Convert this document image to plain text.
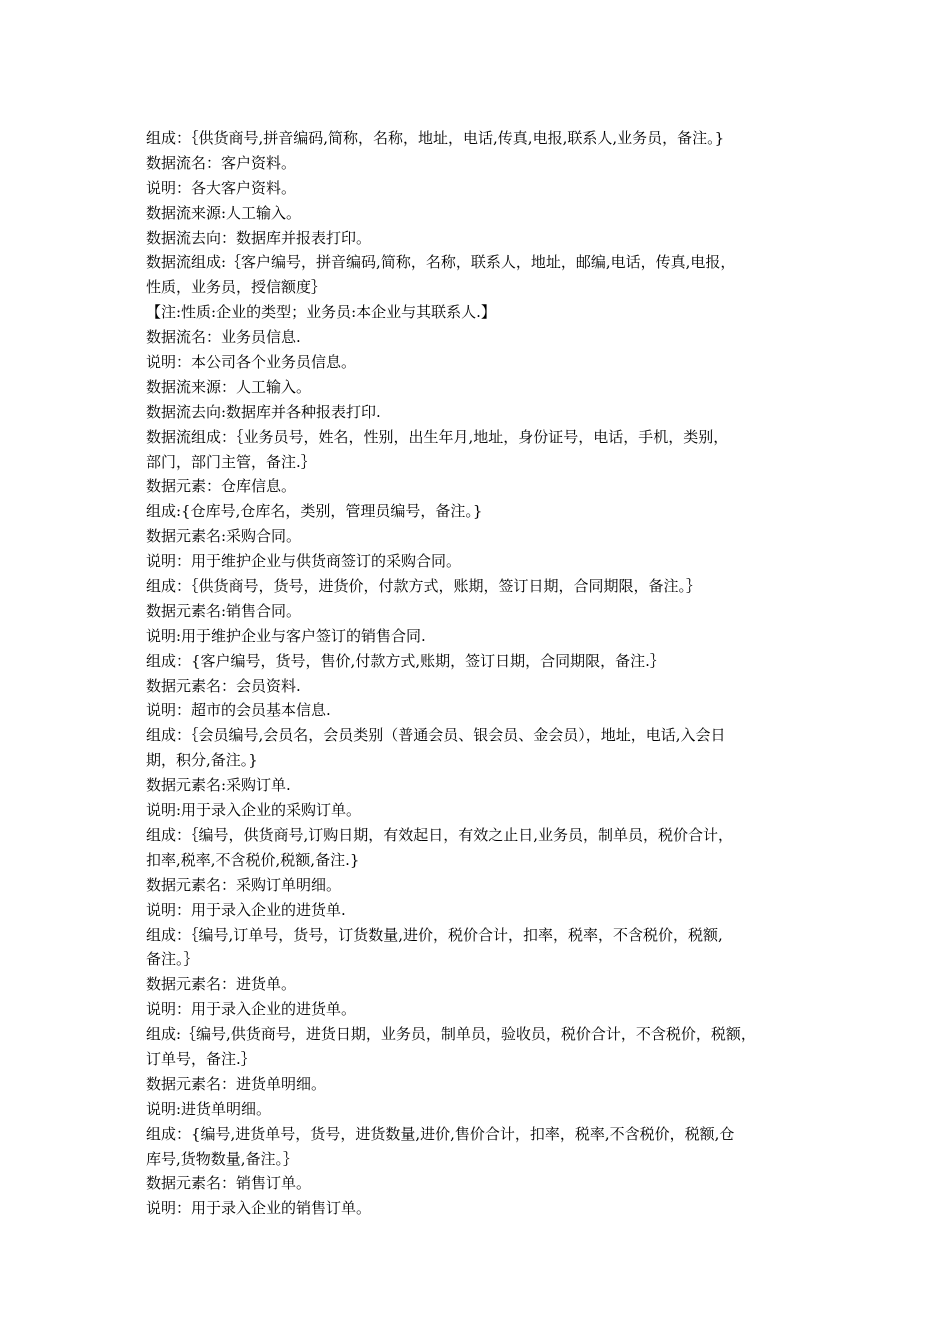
组成：｛供货商号,拼音编码,简称，名称，地址，电话,传真,电报,联系人,业务员，备注。}
数据流名：客户资料。
说明：各大客户资料。
数据流来源:人工输入。
数据流去向：数据库并报表打印。
数据流组成:｛客户编号，拼音编码,简称，名称，联系人，地址，邮编,电话，传真,电报，
性质，业务员，授信额度｝
【注:性质:企业的类型；业务员:本企业与其联系人.】
数据流名：业务员信息.
说明：本公司各个业务员信息。
数据流来源：人工输入。
数据流去向:数据库并各种报表打印.
数据流组成：｛业务员号，姓名，性别，出生年月,地址，身份证号，电话，手机，类别，
部门，部门主管，备注.｝
数据元素：仓库信息。
组成:{仓库号,仓库名，类别，管理员编号，备注。}
数据元素名:采购合同。
说明：用于维护企业与供货商签订的采购合同。
组成：｛供货商号，货号，进货价，付款方式，账期，签订日期，合同期限，备注。｝
数据元素名:销售合同。
说明:用于维护企业与客户签订的销售合同.
组成：{客户编号，货号，售价,付款方式,账期，签订日期，合同期限，备注.｝
数据元素名：会员资料.
说明：超市的会员基本信息.
组成：｛会员编号,会员名，会员类别（普通会员、银会员、金会员），地址，电话,入会日
期，积分,备注。}
数据元素名:采购订单.
说明:用于录入企业的采购订单。
组成：｛编号，供货商号,订购日期，有效起日，有效之止日,业务员，制单员，税价合计，
扣率,税率,不含税价,税额,备注.}
数据元素名：采购订单明细。
说明：用于录入企业的进货单.
组成：｛编号,订单号，货号，订货数量,进价，税价合计，扣率，税率，不含税价，税额,
备注。｝
数据元素名：进货单。
说明：用于录入企业的进货单。
组成:｛编号,供货商号，进货日期，业务员，制单员，验收员，税价合计，不含税价，税额，
订单号，备注.｝
数据元素名：进货单明细。
说明:进货单明细。
组成：{编号,进货单号，货号，进货数量,进价,售价合计，扣率，税率,不含税价，税额,仓
库号,货物数量,备注。｝
数据元素名：销售订单。
说明：用于录入企业的销售订单。
